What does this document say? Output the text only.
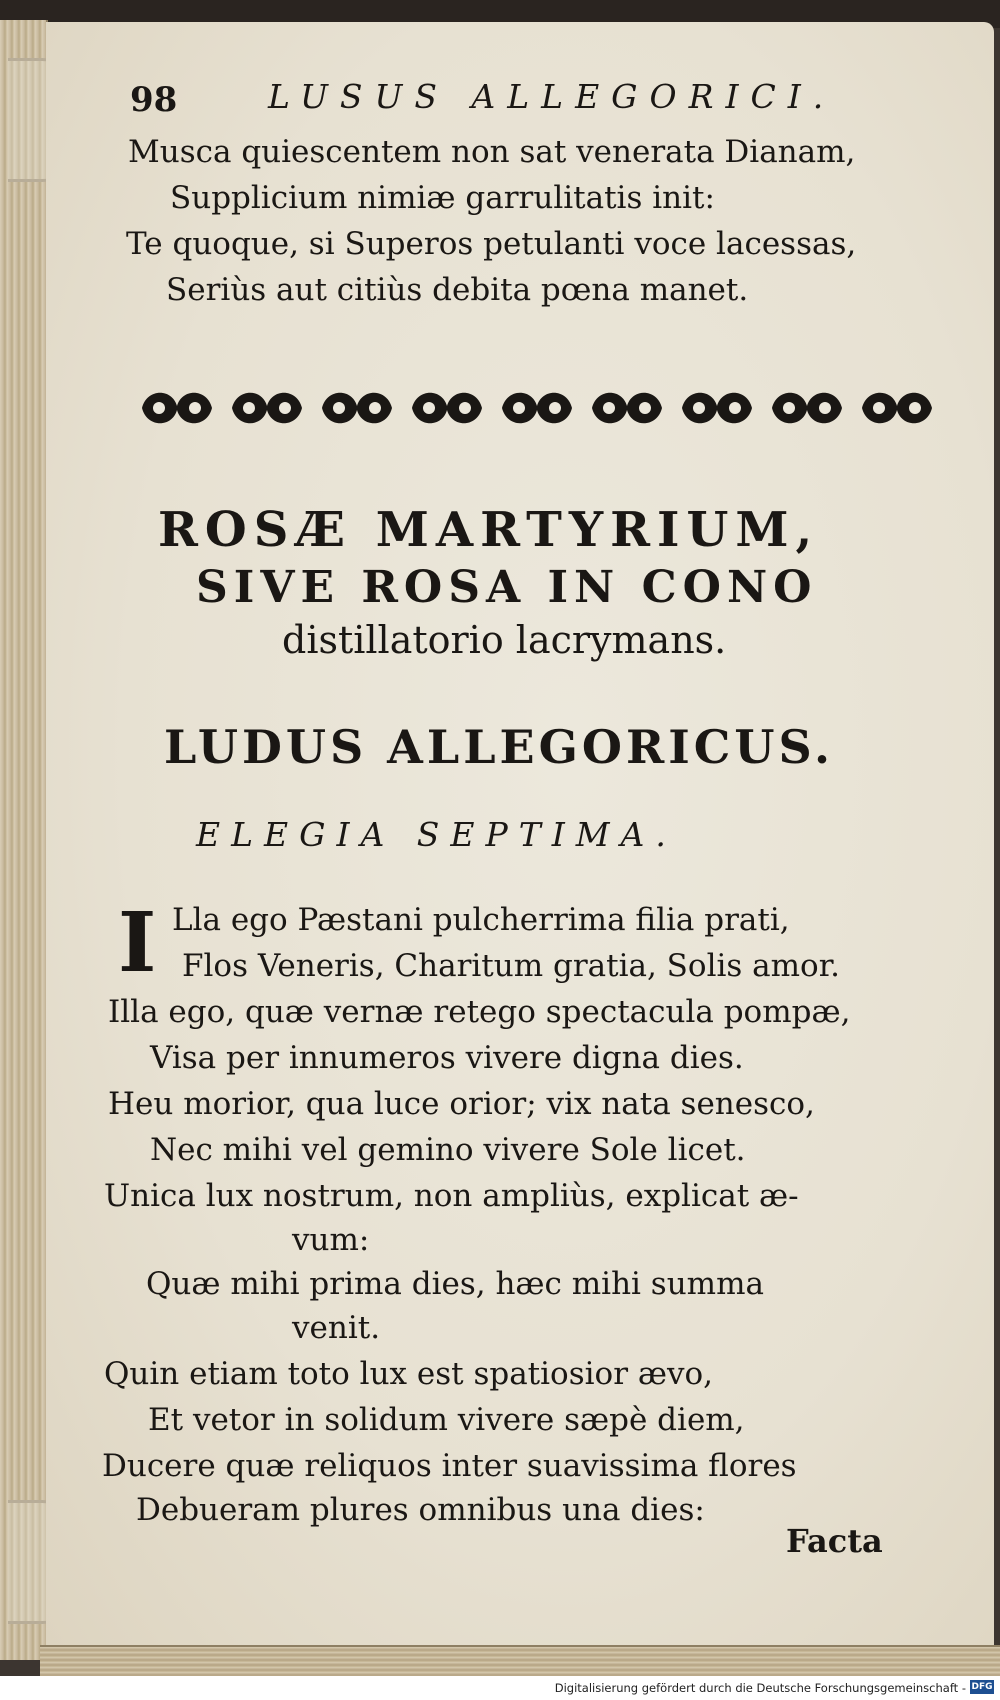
98	LUSUS ALLEGORICI.
Musca quiescentem non sat venerata Dianam,
Supplicium nimiæ garrulitatis init:
Te quoque, si Superos petulanti voce lacessas,
Seriùs aut citiùs debita pœna manet.
ROSÆ MARTYRIUM,
SIVE ROSA IN CONO
distillatorio lacrymans.
LUDUS ALLEGORICUS.
ELEGIA SEPTIMA.
I Lla ego Pæstani pulcherrima filia prati,
Flos Veneris, Charitum gratia, Solis amor.
Illa ego, quæ vernæ retego spectacula pompæ,
Visa per innumeros vivere digna dies.
Heu morior, qua luce orior; vix nata senesco,
Nec mihi vel gemino vivere Sole licet.
Unica lux nostrum, non ampliùs, explicat æ-
vum:
Quæ mihi prima dies, hæc mihi summa
venit.
Quin etiam toto lux est spatiosior ævo,
Et vetor in solidum vivere sæpè diem,
Ducere quæ reliquos inter suavissima flores
Debueram plures omnibus una dies:
Facta
Digitalisierung gefördert durch die Deutsche Forschungsgemeinschaft - DFG
